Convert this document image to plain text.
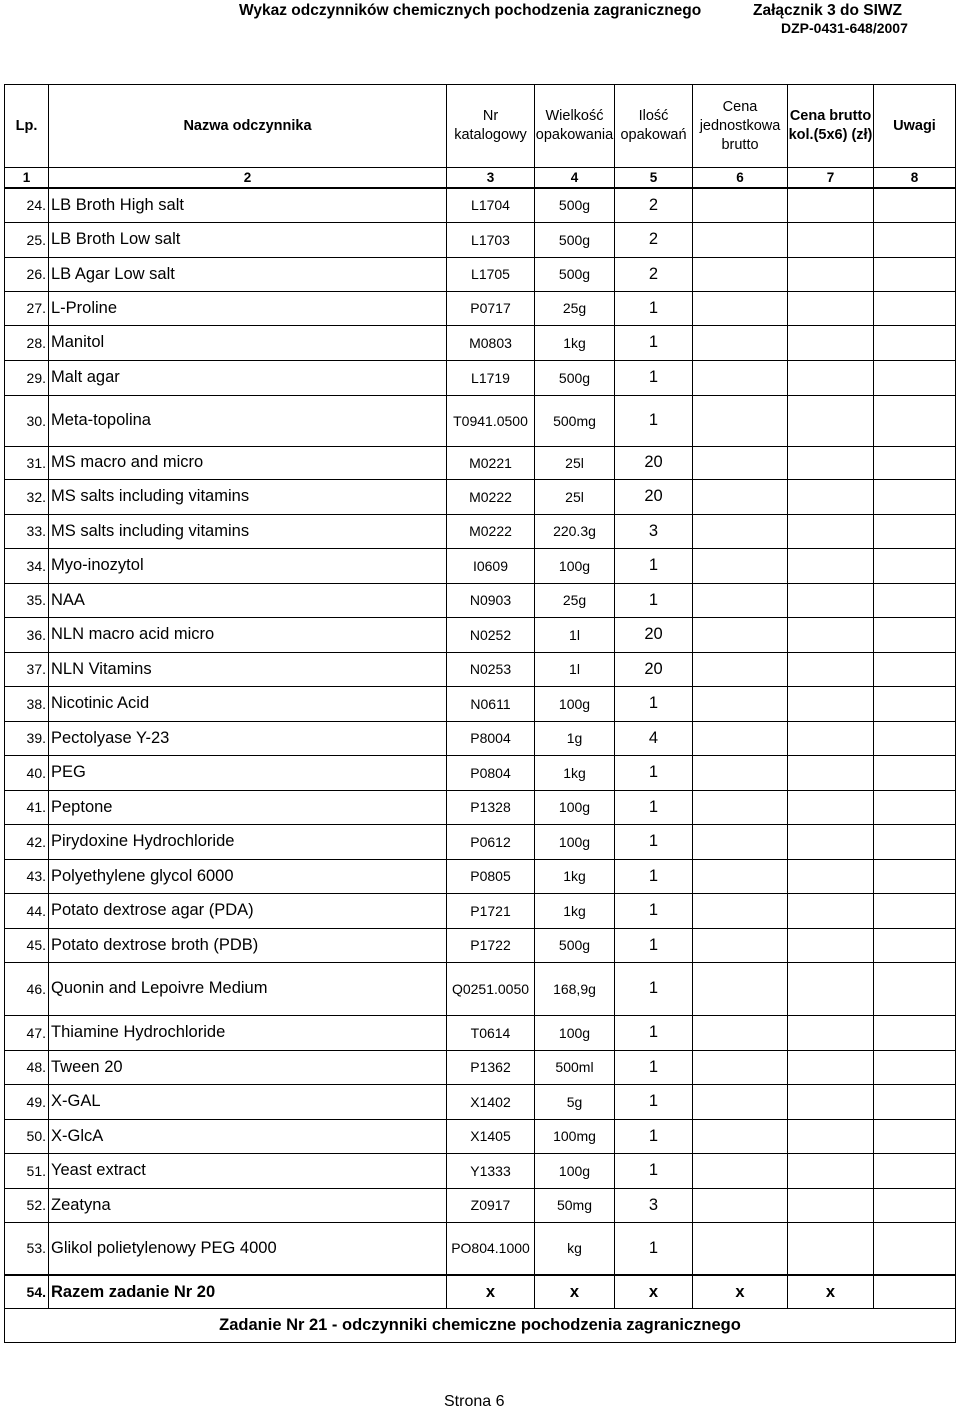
Wykaz odczynników chemicznych pochodzenia zagranicznego	Załącznik 3 do SIWZ
DZP-0431-648/2007
Lp.	Nazwa odczynnika	Nr katalogowy	Wielkość opakowania	Ilość opakowań	Cena jednostkowa brutto	Cena brutto kol.(5x6) (zł)	Uwagi
1	2	3	4	5	6	7	8
24.	LB Broth High salt	L1704	500g	2			
25.	LB Broth Low salt	L1703	500g	2			
26.	LB Agar Low salt	L1705	500g	2			
27.	L-Proline	P0717	25g	1			
28.	Manitol	M0803	1kg	1			
29.	Malt agar	L1719	500g	1			
30.	Meta-topolina	T0941.0500	500mg	1			
31.	MS macro and micro	M0221	25l	20			
32.	MS salts including vitamins	M0222	25l	20			
33.	MS salts including vitamins	M0222	220.3g	3			
34.	Myo-inozytol	I0609	100g	1			
35.	NAA	N0903	25g	1			
36.	NLN macro acid micro	N0252	1l	20			
37.	NLN Vitamins	N0253	1l	20			
38.	Nicotinic Acid	N0611	100g	1			
39.	Pectolyase Y-23	P8004	1g	4			
40.	PEG	P0804	1kg	1			
41.	Peptone	P1328	100g	1			
42.	Pirydoxine Hydrochloride	P0612	100g	1			
43.	Polyethylene glycol 6000	P0805	1kg	1			
44.	Potato dextrose agar (PDA)	P1721	1kg	1			
45.	Potato dextrose broth (PDB)	P1722	500g	1			
46.	Quonin and Lepoivre Medium	Q0251.0050	168,9g	1			
47.	Thiamine Hydrochloride	T0614	100g	1			
48.	Tween 20	P1362	500ml	1			
49.	X-GAL	X1402	5g	1			
50.	X-GlcA	X1405	100mg	1			
51.	Yeast extract	Y1333	100g	1			
52.	Zeatyna	Z0917	50mg	3			
53.	Glikol polietylenowy PEG 4000	PO804.1000	kg	1			
54.	Razem zadanie Nr 20	x	x	x	x	x	
Zadanie Nr 21 - odczynniki chemiczne pochodzenia zagranicznego							
Strona 6
